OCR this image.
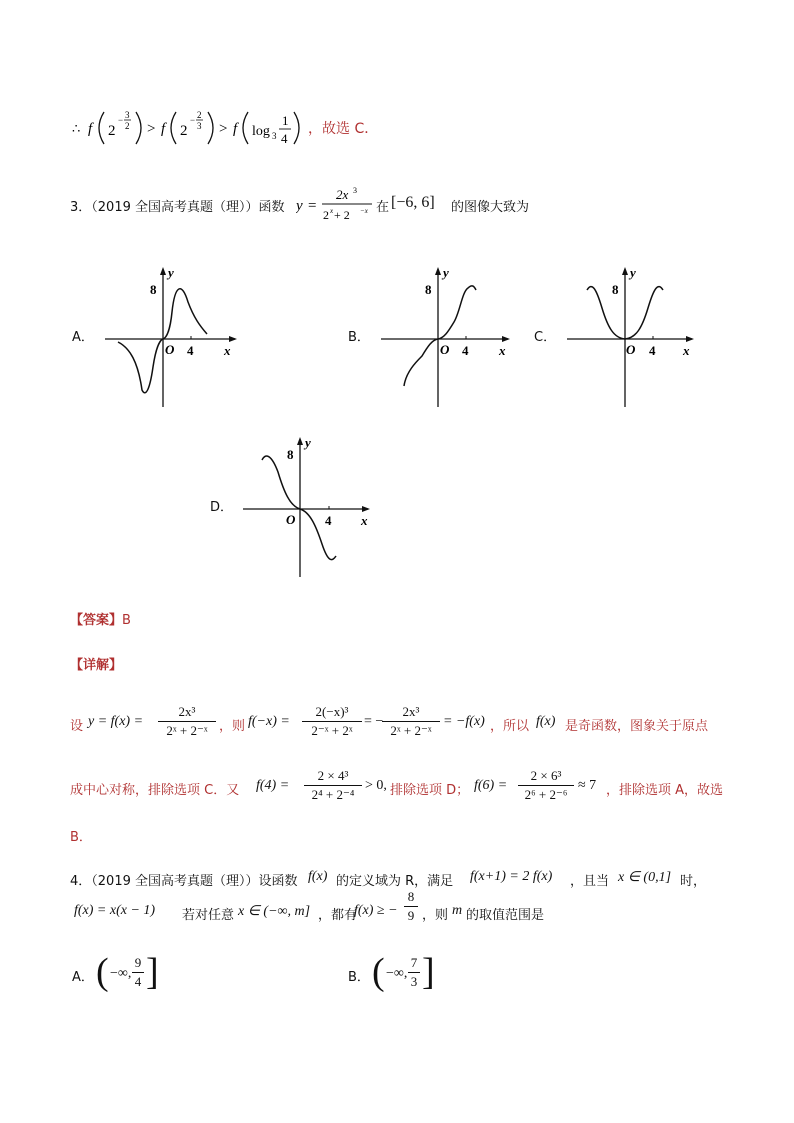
∴ f 2
− 3
2 > f 2
− 2
3 > f log 3
1
4
，故选 C．
3．（2019 全国高考真题（理））函数 y =
2x 3
2 x + 2 −x 在 [−6, 6] 的图像大致为
A．	B．	C．
D．
8
y
O 4 x
8
y
O 4 x
8
y
O 4 x
8
y
O 4 x
【答案】B
【详解】
设 $y = f(x) = \frac{\text{2x³}}{\text{2ˣ + 2⁻ˣ}}$ ，则 $f(-x) = \frac{\text{2(−x)³}}{\text{2⁻ˣ + 2ˣ}}$ = −
$\frac{\text{2x³}}{\text{2ˣ + 2⁻ˣ}} = -f(x)$ ，所以 f(x) 是奇函数，图象关于原点
成中心对称，排除选项 C．又 $f(4) = \frac{\text{2 × 4³}}{\text{2⁴ + 2⁻⁴}} > 0$, 排除选项 D； $f(6) = \frac{\text{2 × 6³}}{\text{2⁶ + 2⁻⁶}} \approx 7$ ，排除选项 A，故选
B．
4．（2019 全国高考真题（理））设函数 f(x) 的定义域为 R，满足 f(x+1) = 2 f(x) ，且当 x ∈ (0,1] 时，
f(x) = x(x − 1) 若对任意 x ∈ (−∞, m] ，都有
f(x) ≥ − $\frac{8}{9}$ ，则 m 的取值范围是
A． ( −∞, $\frac{9}{4}$ ]	B． ( −∞, $\frac{7}{3}$ ]
